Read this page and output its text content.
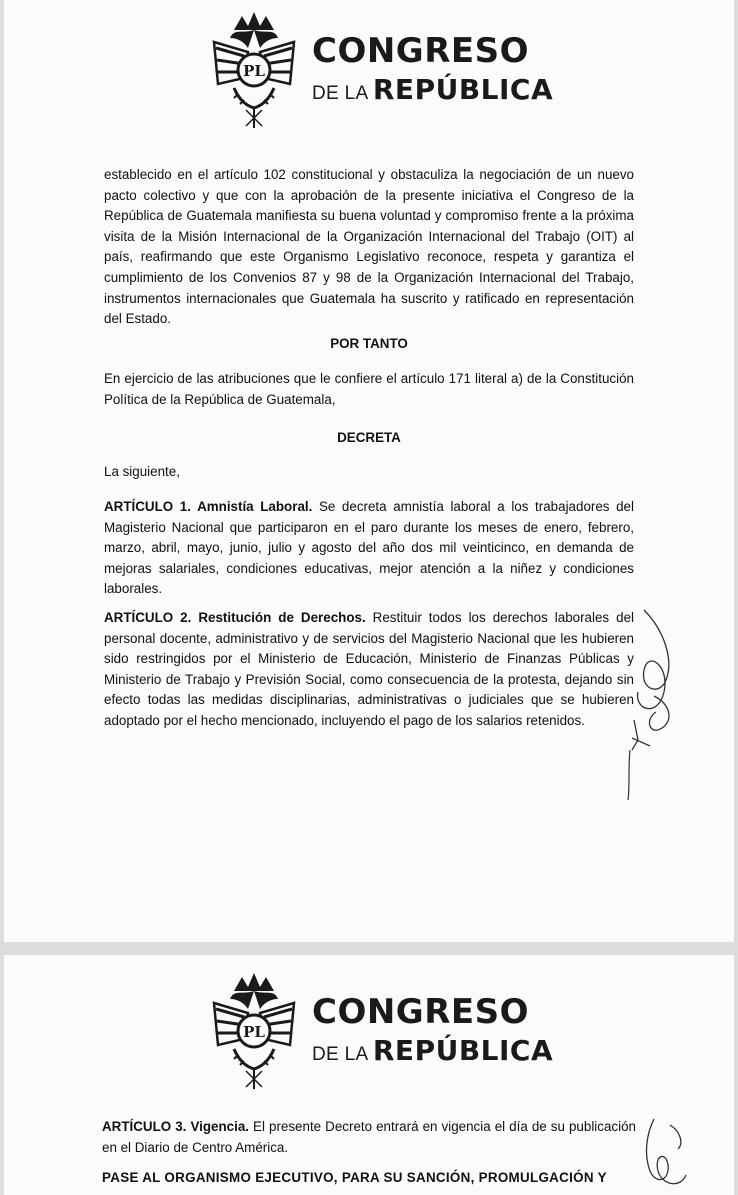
PL CONGRESO
DE LA REPÚBLICA

establecido en el artículo 102 constitucional y obstaculiza la negociación de un nuevo pacto colectivo y que con la aprobación de la presente iniciativa el Congreso de la República de Guatemala manifiesta su buena voluntad y compromiso frente a la próxima visita de la Misión Internacional de la Organización Internacional del Trabajo (OIT) al país, reafirmando que este Organismo Legislativo reconoce, respeta y garantiza el cumplimiento de los Convenios 87 y 98 de la Organización Internacional del Trabajo, instrumentos internacionales que Guatemala ha suscrito y ratificado en representación del Estado.

POR TANTO

En ejercicio de las atribuciones que le confiere el artículo 171 literal a) de la Constitución Política de la República de Guatemala,

DECRETA

La siguiente,

ARTÍCULO 1. Amnistía Laboral. Se decreta amnistía laboral a los trabajadores del Magisterio Nacional que participaron en el paro durante los meses de enero, febrero, marzo, abril, mayo, junio, julio y agosto del año dos mil veinticinco, en demanda de mejoras salariales, condiciones educativas, mejor atención a la niñez y condiciones laborales.

ARTÍCULO 2. Restitución de Derechos. Restituir todos los derechos laborales del personal docente, administrativo y de servicios del Magisterio Nacional que les hubieren sido restringidos por el Ministerio de Educación, Ministerio de Finanzas Públicas y Ministerio de Trabajo y Previsión Social, como consecuencia de la protesta, dejando sin efecto todas las medidas disciplinarias, administrativas o judiciales que se hubieren adoptado por el hecho mencionado, incluyendo el pago de los salarios retenidos.

PL CONGRESO
DE LA REPÚBLICA

ARTÍCULO 3. Vigencia. El presente Decreto entrará en vigencia el día de su publicación en el Diario de Centro América.

PASE AL ORGANISMO EJECUTIVO, PARA SU SANCIÓN, PROMULGACIÓN Y
